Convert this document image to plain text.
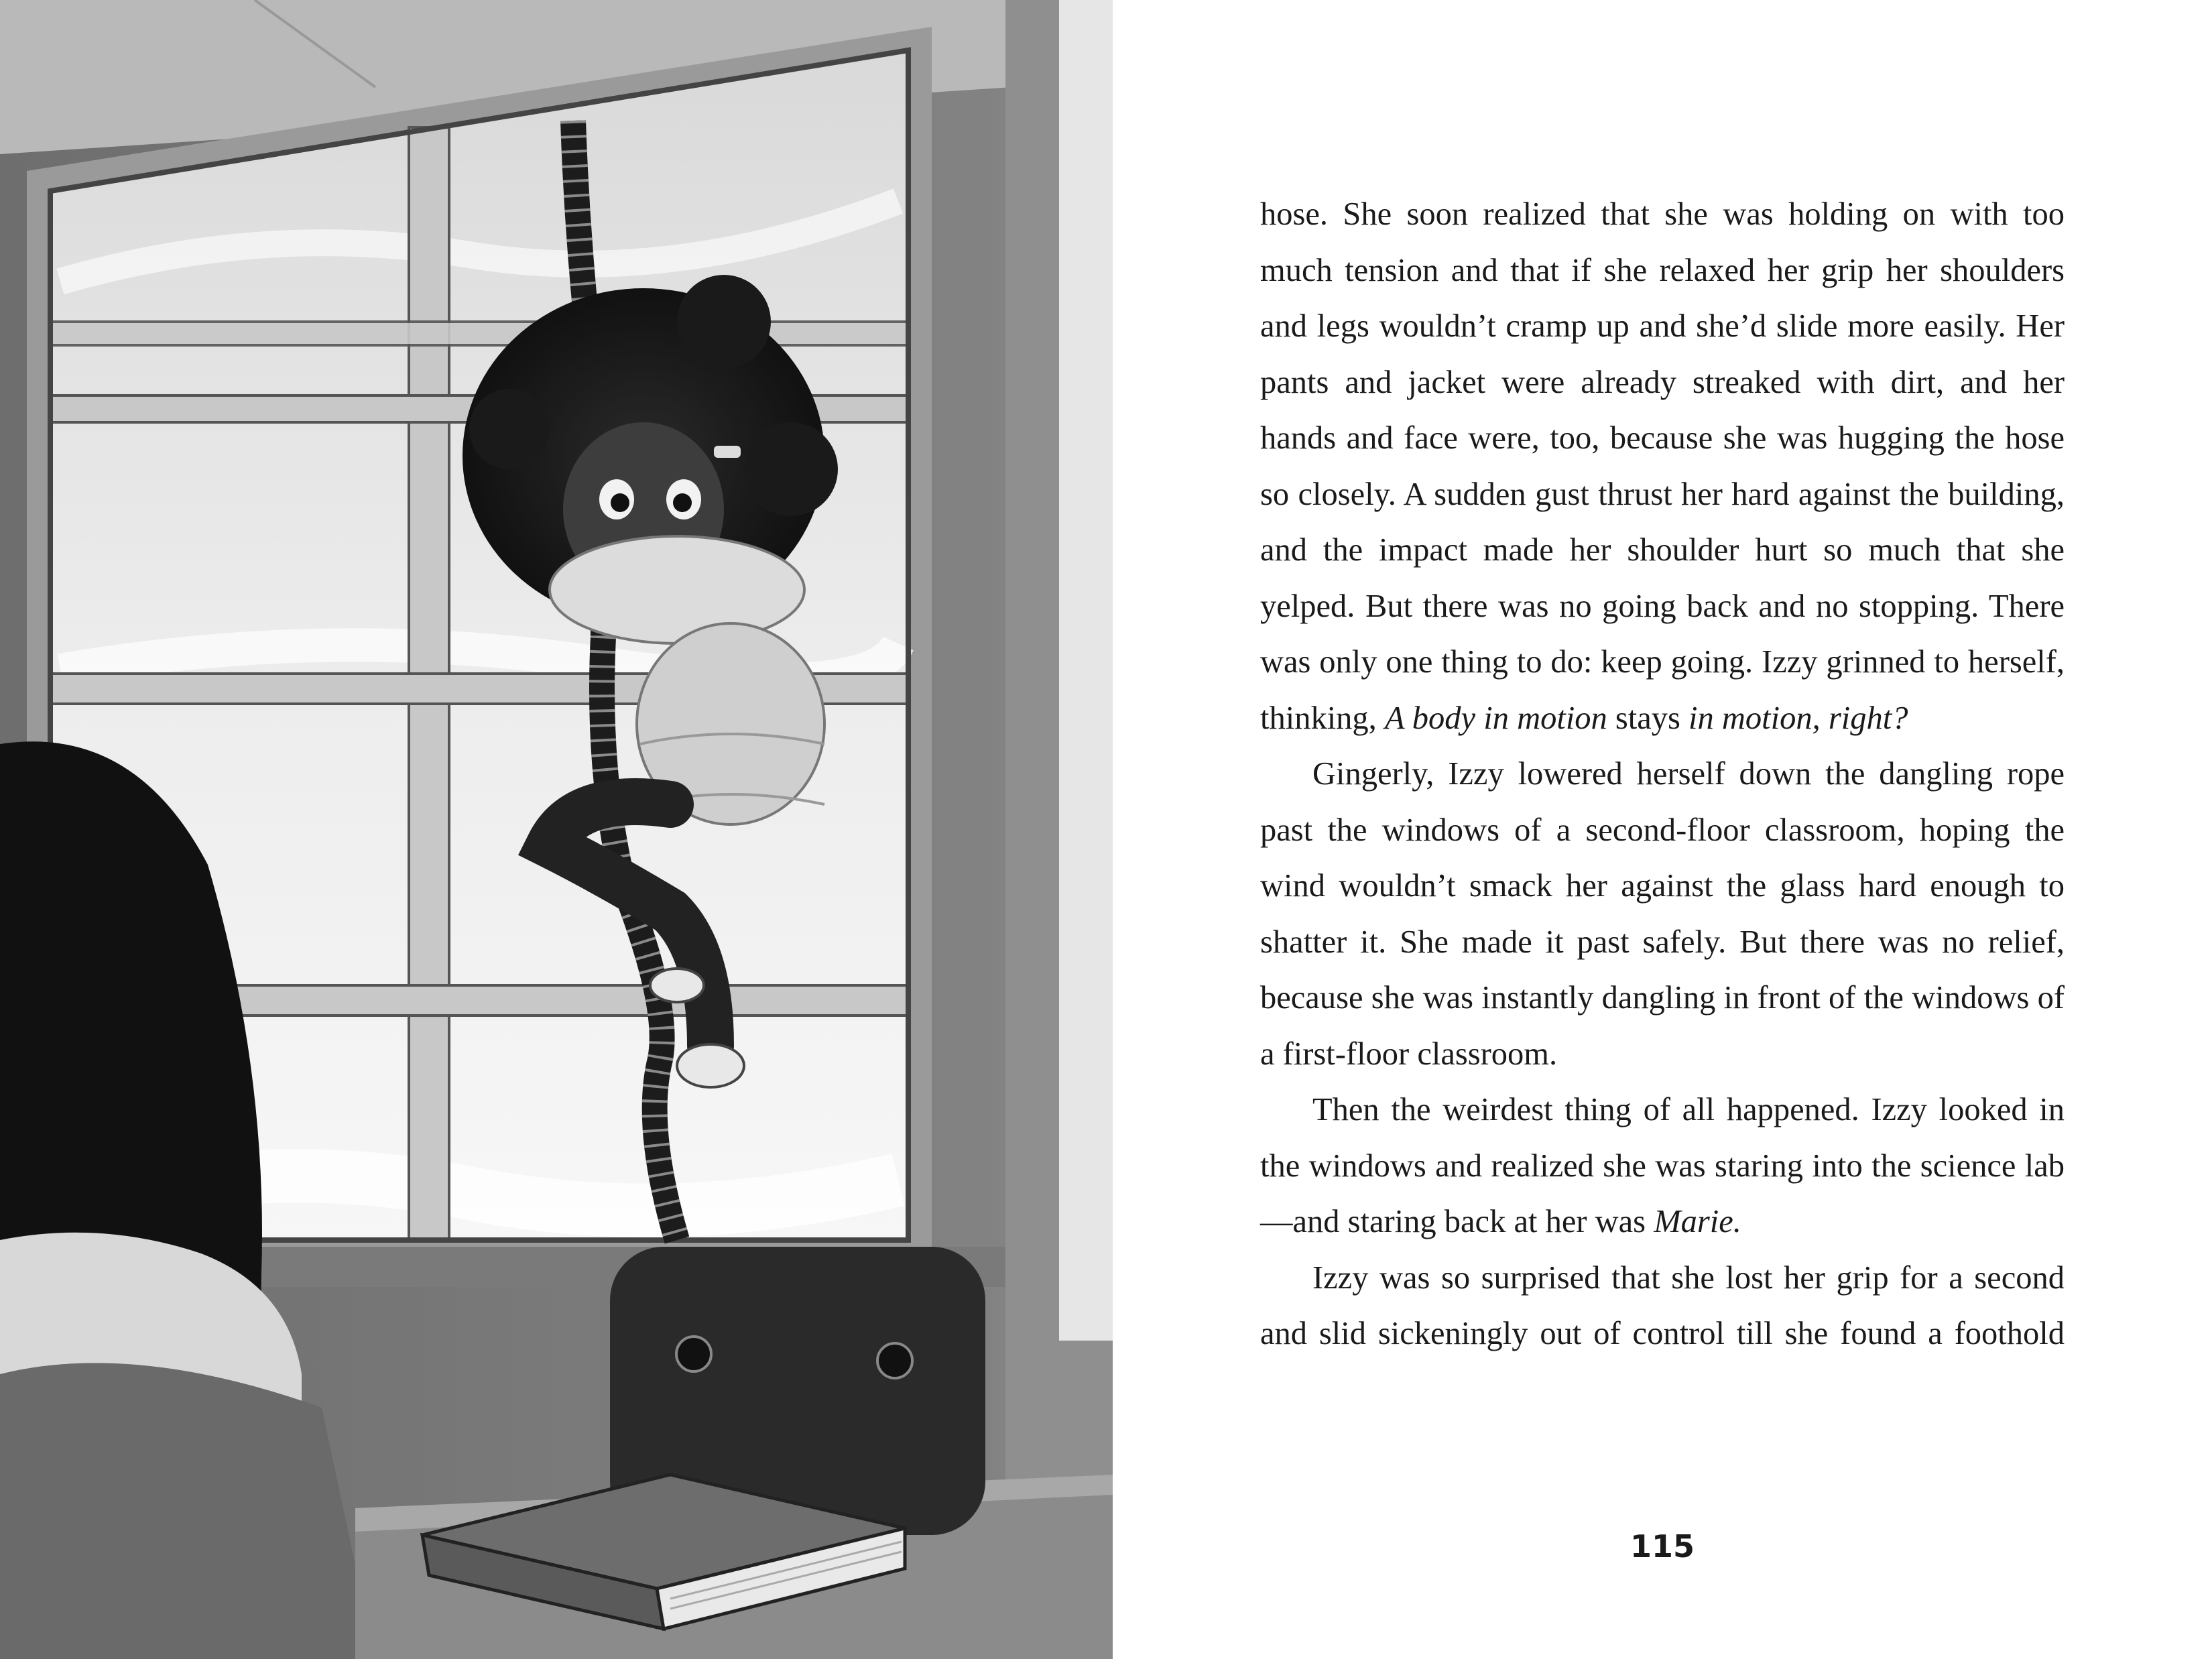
hose. She soon realized that she was holding on with too much tension and that if she relaxed her grip her shoulders and legs wouldn’t cramp up and she’d slide more easily. Her pants and jacket were already streaked with dirt, and her hands and face were, too, because she was hugging the hose so closely. A sudden gust thrust her hard against the building, and the impact made her shoulder hurt so much that she yelped. But there was no going back and no stopping. There was only one thing to do: keep going. Izzy grinned to herself, thinking, A body in motion stays in motion, right?

Gingerly, Izzy lowered herself down the dangling rope past the windows of a second-floor classroom, hoping the wind wouldn’t smack her against the glass hard enough to shatter it. She made it past safely. But there was no relief, because she was instantly dangling in front of the windows of a first-floor classroom.

Then the weirdest thing of all happened. Izzy looked in the windows and realized she was staring into the science lab—and staring back at her was Marie.

Izzy was so surprised that she lost her grip for a second and slid sickeningly out of control till she found a foothold

115
